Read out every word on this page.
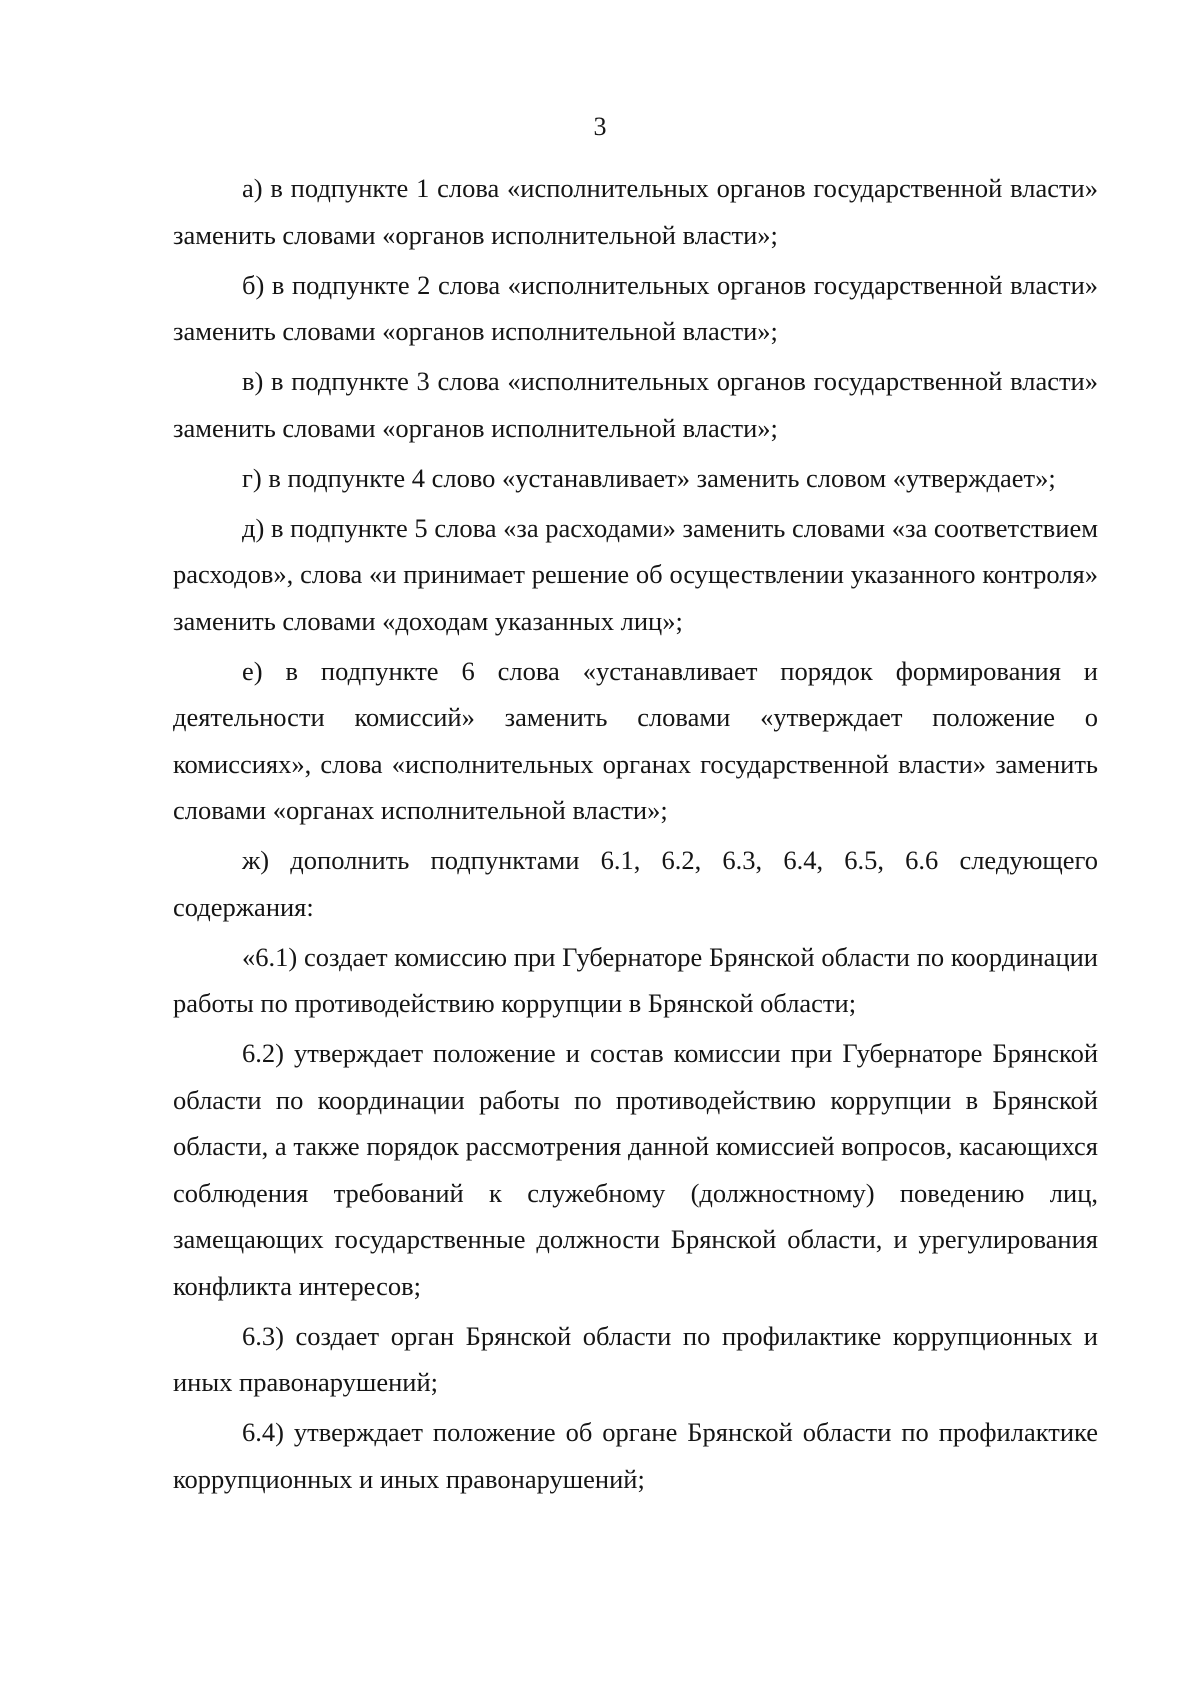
3

а) в подпункте 1 слова «исполнительных органов государственной власти» заменить словами «органов исполнительной власти»;

б) в подпункте 2 слова «исполнительных органов государственной власти» заменить словами «органов исполнительной власти»;

в) в подпункте 3 слова «исполнительных органов государственной власти» заменить словами «органов исполнительной власти»;

г) в подпункте 4 слово «устанавливает» заменить словом «утверждает»;

д) в подпункте 5 слова «за расходами» заменить словами «за соответствием расходов», слова «и принимает решение об осуществлении указанного контроля» заменить словами «доходам указанных лиц»;

е) в подпункте 6 слова «устанавливает порядок формирования и деятельности комиссий» заменить словами «утверждает положение о комиссиях», слова «исполнительных органах государственной власти» заменить словами «органах исполнительной власти»;

ж) дополнить подпунктами 6.1, 6.2, 6.3, 6.4, 6.5, 6.6 следующего содержания:

«6.1) создает комиссию при Губернаторе Брянской области по координации работы по противодействию коррупции в Брянской области;

6.2) утверждает положение и состав комиссии при Губернаторе Брянской области по координации работы по противодействию коррупции в Брянской области, а также порядок рассмотрения данной комиссией вопросов, касающихся соблюдения требований к служебному (должностному) поведению лиц, замещающих государственные должности Брянской области, и урегулирования конфликта интересов;

6.3) создает орган Брянской области по профилактике коррупционных и иных правонарушений;

6.4) утверждает положение об органе Брянской области по профилактике коррупционных и иных правонарушений;
